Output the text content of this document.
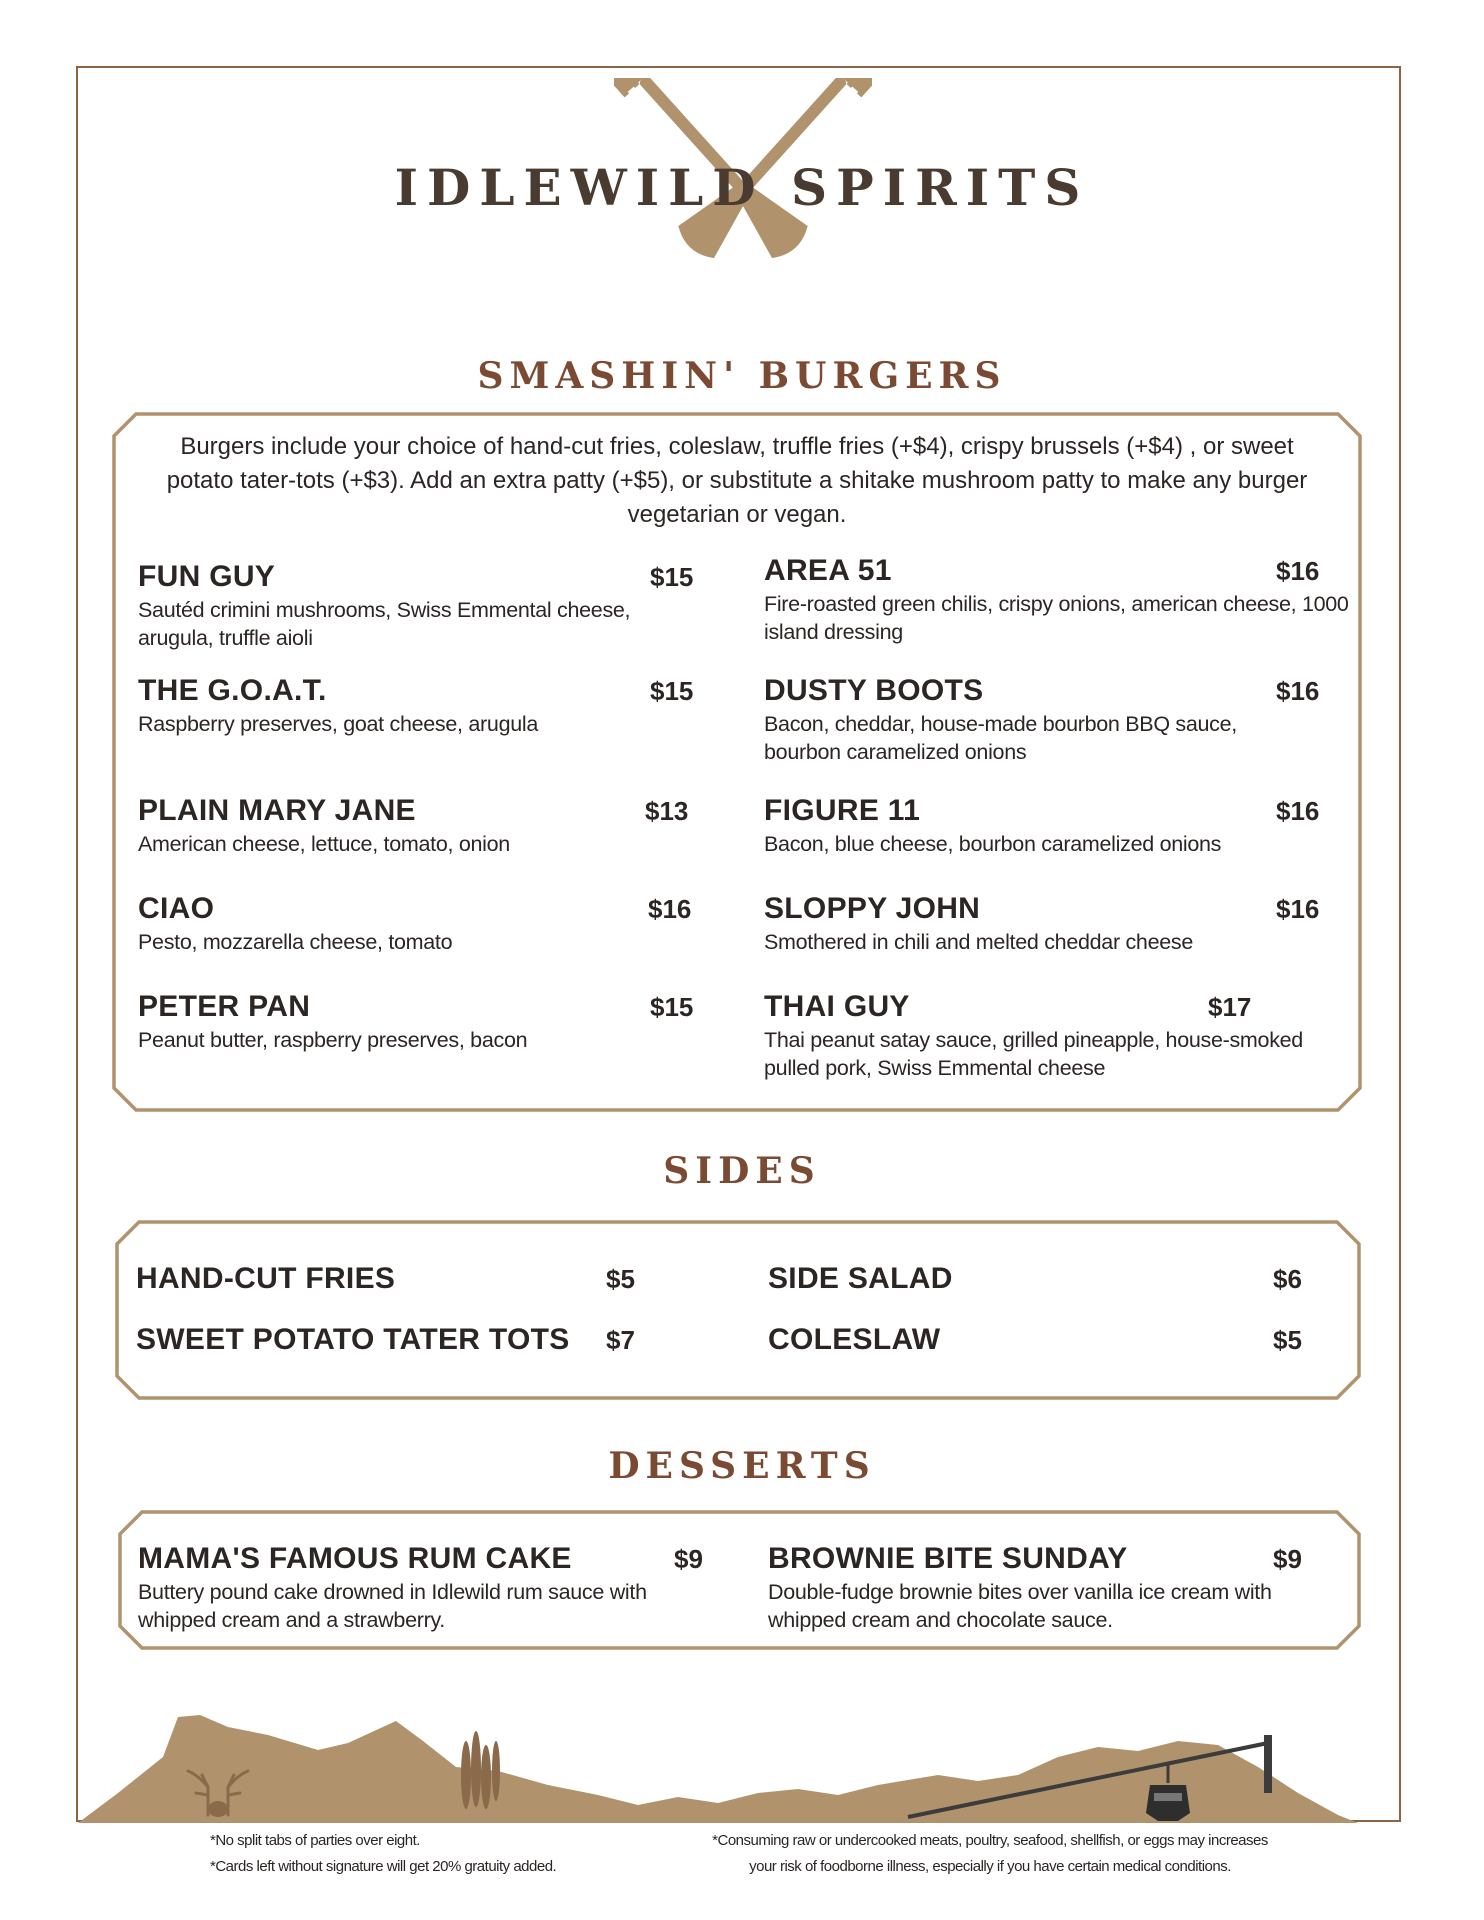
IDLEWILD SPIRITS
SMASHIN' BURGERS
Burgers include your choice of hand-cut fries, coleslaw, truffle fries (+$4), crispy brussels (+$4) , or sweet potato tater-tots (+$3). Add an extra patty (+$5), or substitute a shitake mushroom patty to make any burger vegetarian or vegan.
FUN GUY	$15
Sautéd crimini mushrooms, Swiss Emmental cheese, arugula, truffle aioli
THE G.O.A.T.	$15
Raspberry preserves, goat cheese, arugula
PLAIN MARY JANE	$13
American cheese, lettuce, tomato, onion
CIAO	$16
Pesto, mozzarella cheese, tomato
PETER PAN	$15
Peanut butter, raspberry preserves, bacon
AREA 51	$16
Fire-roasted green chilis, crispy onions, american cheese, 1000 island dressing
DUSTY BOOTS	$16
Bacon, cheddar, house-made bourbon BBQ sauce, bourbon caramelized onions
FIGURE 11	$16
Bacon, blue cheese, bourbon caramelized onions
SLOPPY JOHN	$16
Smothered in chili and melted cheddar cheese
THAI GUY	$17
Thai peanut satay sauce, grilled pineapple, house-smoked pulled pork, Swiss Emmental cheese
SIDES
HAND-CUT FRIES	$5
SWEET POTATO TATER TOTS $7
SIDE SALAD	$6
COLESLAW	$5
DESSERTS
MAMA'S FAMOUS RUM CAKE	$9
Buttery pound cake drowned in Idlewild rum sauce with whipped cream and a strawberry.
BROWNIE BITE SUNDAY	$9
Double-fudge brownie bites over vanilla ice cream with whipped cream and chocolate sauce.
*No split tabs of parties over eight.
*Cards left without signature will get 20% gratuity added.
*Consuming raw or undercooked meats, poultry, seafood, shellfish, or eggs may increases
your risk of foodborne illness, especially if you have certain medical conditions.
